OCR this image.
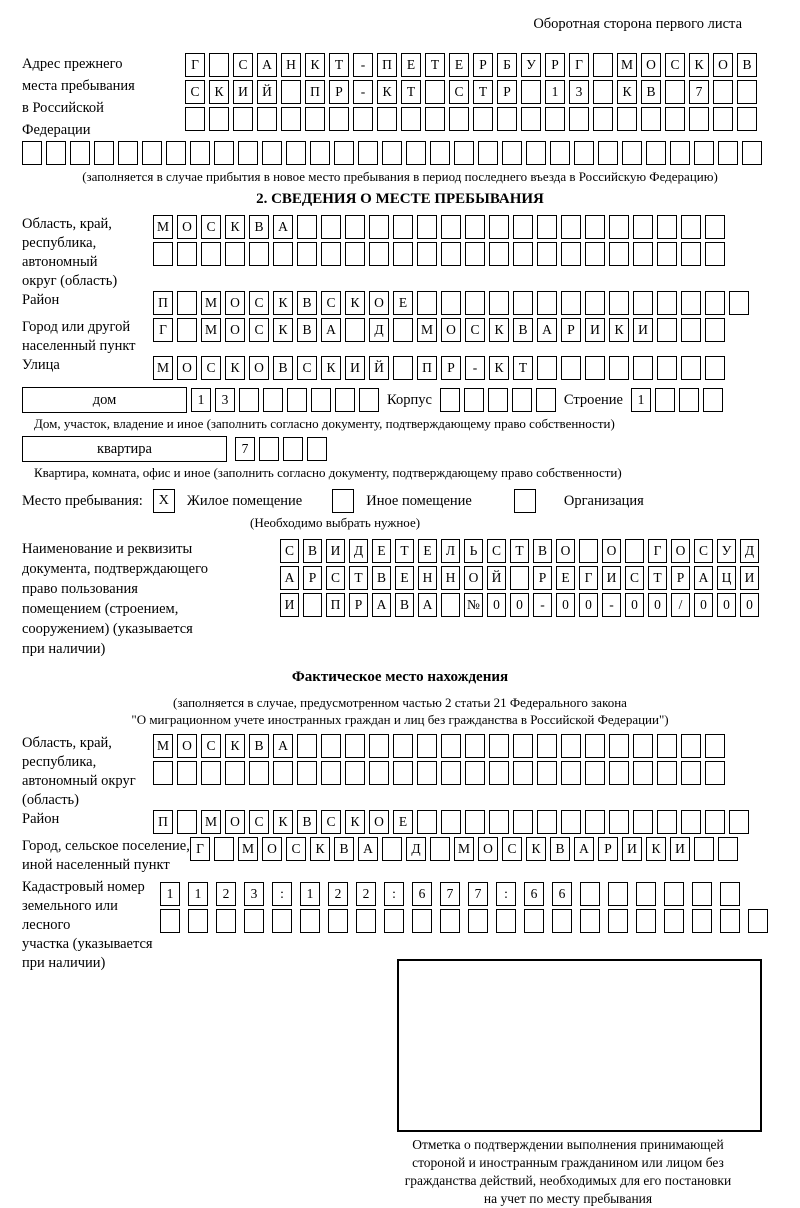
Оборотная сторона первого листа
Адрес прежнего
места пребывания
в Российской
Федерации
Г	С	А	Н	К	Т	-	П	Е	Т	Е	Р	Б	У	Р	Г	М О	С	К	О	В
С	К	И	Й	П	Р	-	К	Т	С	Т	Р	1	3	К	В	7
(заполняется в случае прибытия в новое место пребывания в период последнего въезда в Российскую Федерацию)
2. СВЕДЕНИЯ О МЕСТЕ ПРЕБЫВАНИЯ
Область, край,
республика,
автономный
округ (область)
М О	С	К	В	А
Район	П	М О	С	К	В	С	К	О	Е
Город или другой
населенный пункт
Г	М О	С	К	В	А	Д	М О	С	К	В	А	Р	И	К	И
Улица	М О	С	К	О	В	С	К	И	Й	П	Р	-	К	Т
дом	1	3	Корпус	Строение	1
Дом, участок, владение и иное (заполнить согласно документу, подтверждающему право собственности)
квартира	7
Квартира, комната, офис и иное (заполнить согласно документу, подтверждающему право собственности)
Место пребывания:	X	Жилое помещение	Иное помещение	Организация
(Необходимо выбрать нужное)
Наименование и реквизиты
документа, подтверждающего
право пользования
помещением (строением,
сооружением) (указывается
при наличии)
С	В	И	Д	Е	Т	Е	Л	Ь	С	Т	В	О	О	Г	О	С	У	Д
А	Р	С	Т	В	Е	Н Н О Й	Р	Е	Г	И	С	Т	Р	А Ц И
И	П	Р	А	В	А	№ 0	0	-	0	0	-	0	0	/	0	0	0
Фактическое место нахождения
(заполняется в случае, предусмотренном частью 2 статьи 21 Федерального закона
"О миграционном учете иностранных граждан и лиц без гражданства в Российской Федерации")
Область, край,
республика,
автономный округ
(область)
М О	С	К	В	А
Район	П	М О	С	К	В	С	К	О	Е
Город, сельское поселение,
иной населенный пункт
Г	М О	С	К	В	А	Д	М О	С	К	В	А	Р	И	К	И
Кадастровый номер
земельного или лесного
участка (указывается
при наличии)
1	1	2	3	:	1	2	2	:	6	7	7	:	6	6
Отметка о подтверждении выполнения принимающей
стороной и иностранным гражданином или лицом без
гражданства действий, необходимых для его постановки
на учет по месту пребывания
